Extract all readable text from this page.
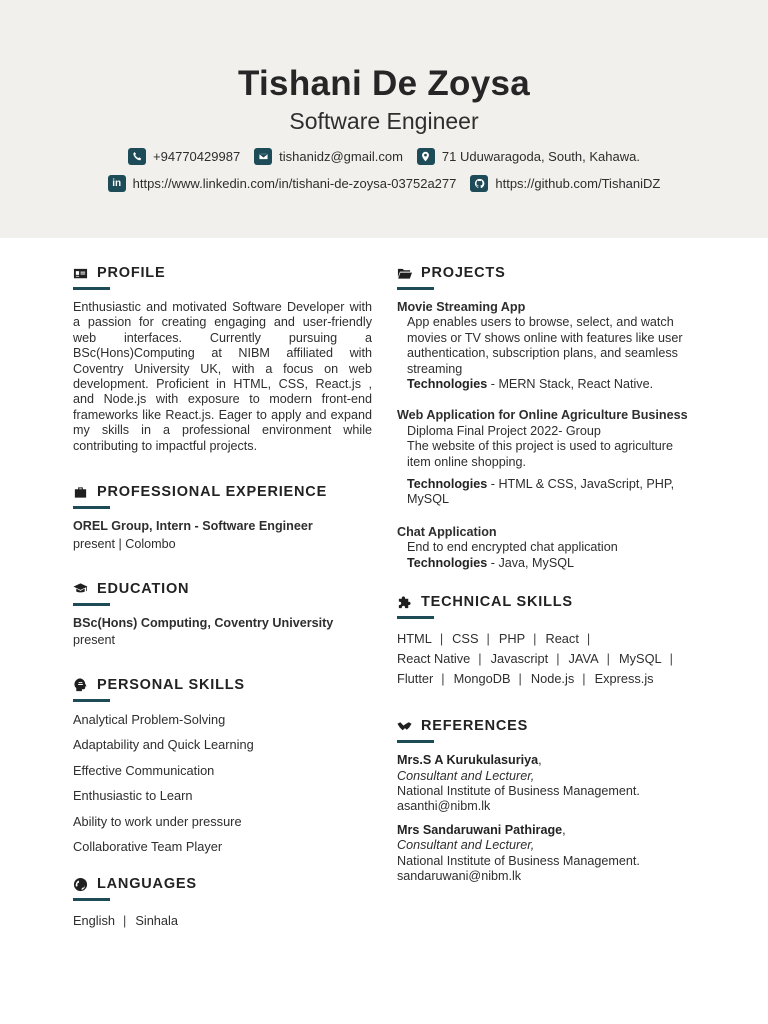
Tishani De Zoysa
Software Engineer
+94770429987	tishanidz@gmail.com	71 Uduwaragoda, South, Kahawa.
in https://www.linkedin.com/in/tishani-de-zoysa-03752a277	https://github.com/TishaniDZ
PROFILE
Enthusiastic and motivated Software Developer with a passion for creating engaging and user-friendly web interfaces. Currently pursuing a BSc(Hons)Computing at NIBM affiliated with Coventry University UK, with a focus on web development. Proficient in HTML, CSS, React.js , and Node.js with exposure to modern front-end frameworks like React.js. Eager to apply and expand my skills in a professional environment while contributing to impactful projects.
PROFESSIONAL EXPERIENCE
OREL Group, Intern - Software Engineer
present | Colombo
EDUCATION
BSc(Hons) Computing, Coventry University
present
PERSONAL SKILLS
Analytical Problem-Solving
Adaptability and Quick Learning
Effective Communication
Enthusiastic to Learn
Ability to work under pressure
Collaborative Team Player
LANGUAGES
English | Sinhala
PROJECTS
Movie Streaming App
App enables users to browse, select, and watch movies or TV shows online with features like user authentication, subscription plans, and seamless streaming
Technologies - MERN Stack, React Native.
Web Application for Online Agriculture Business
Diploma Final Project 2022- Group
The website of this project is used to agriculture item online shopping.
Technologies - HTML & CSS, JavaScript, PHP, MySQL
Chat Application
End to end encrypted chat application
Technologies - Java, MySQL
TECHNICAL SKILLS
HTML | CSS | PHP | React |
React Native | Javascript | JAVA | MySQL |
Flutter | MongoDB | Node.js | Express.js
REFERENCES
Mrs.S A Kurukulasuriya,
Consultant and Lecturer,
National Institute of Business Management.
asanthi@nibm.lk
Mrs Sandaruwani Pathirage,
Consultant and Lecturer,
National Institute of Business Management.
sandaruwani@nibm.lk
